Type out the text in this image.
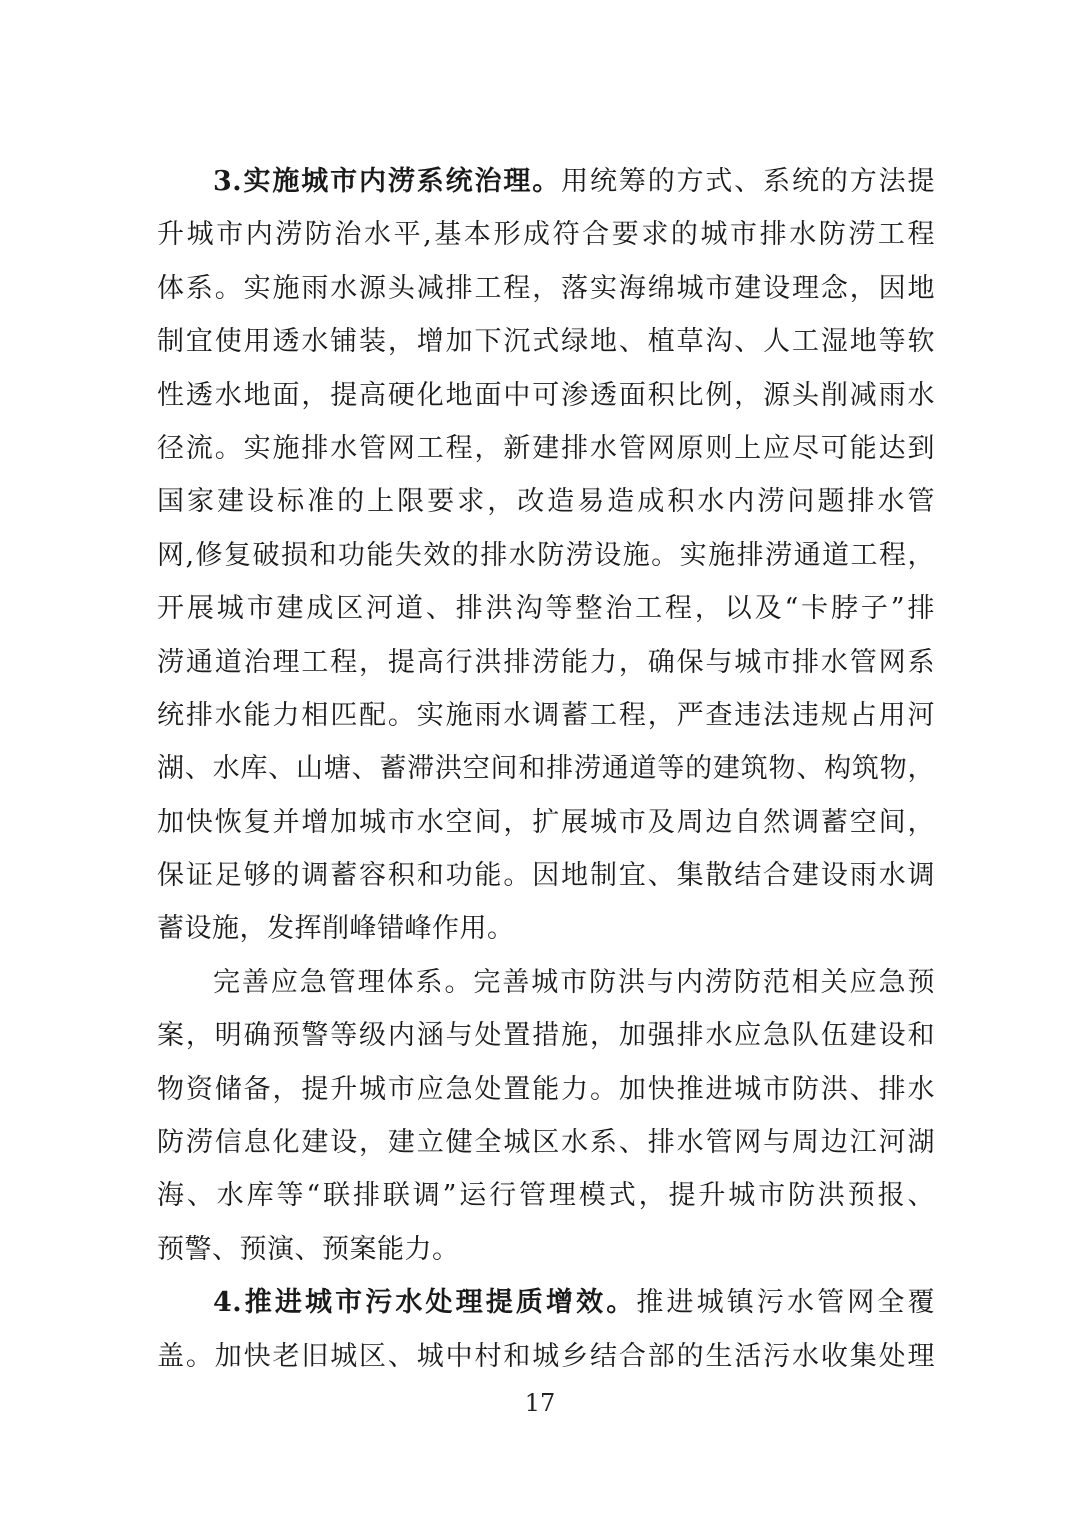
3.实施城市内涝系统治理。用统筹的方式、系统的方法提
升城市内涝防治水平,基本形成符合要求的城市排水防涝工程
体系。实施雨水源头减排工程，落实海绵城市建设理念，因地
制宜使用透水铺装，增加下沉式绿地、植草沟、人工湿地等软
性透水地面，提高硬化地面中可渗透面积比例，源头削减雨水
径流。实施排水管网工程，新建排水管网原则上应尽可能达到
国家建设标准的上限要求，改造易造成积水内涝问题排水管
网,修复破损和功能失效的排水防涝设施。实施排涝通道工程，
开展城市建成区河道、排洪沟等整治工程，以及“卡脖子”排
涝通道治理工程，提高行洪排涝能力，确保与城市排水管网系
统排水能力相匹配。实施雨水调蓄工程，严查违法违规占用河
湖、水库、山塘、蓄滞洪空间和排涝通道等的建筑物、构筑物，
加快恢复并增加城市水空间，扩展城市及周边自然调蓄空间，
保证足够的调蓄容积和功能。因地制宜、集散结合建设雨水调
蓄设施，发挥削峰错峰作用。
完善应急管理体系。完善城市防洪与内涝防范相关应急预
案，明确预警等级内涵与处置措施，加强排水应急队伍建设和
物资储备，提升城市应急处置能力。加快推进城市防洪、排水
防涝信息化建设，建立健全城区水系、排水管网与周边江河湖
海、水库等“联排联调”运行管理模式，提升城市防洪预报、
预警、预演、预案能力。
4.推进城市污水处理提质增效。推进城镇污水管网全覆
盖。加快老旧城区、城中村和城乡结合部的生活污水收集处理
17
